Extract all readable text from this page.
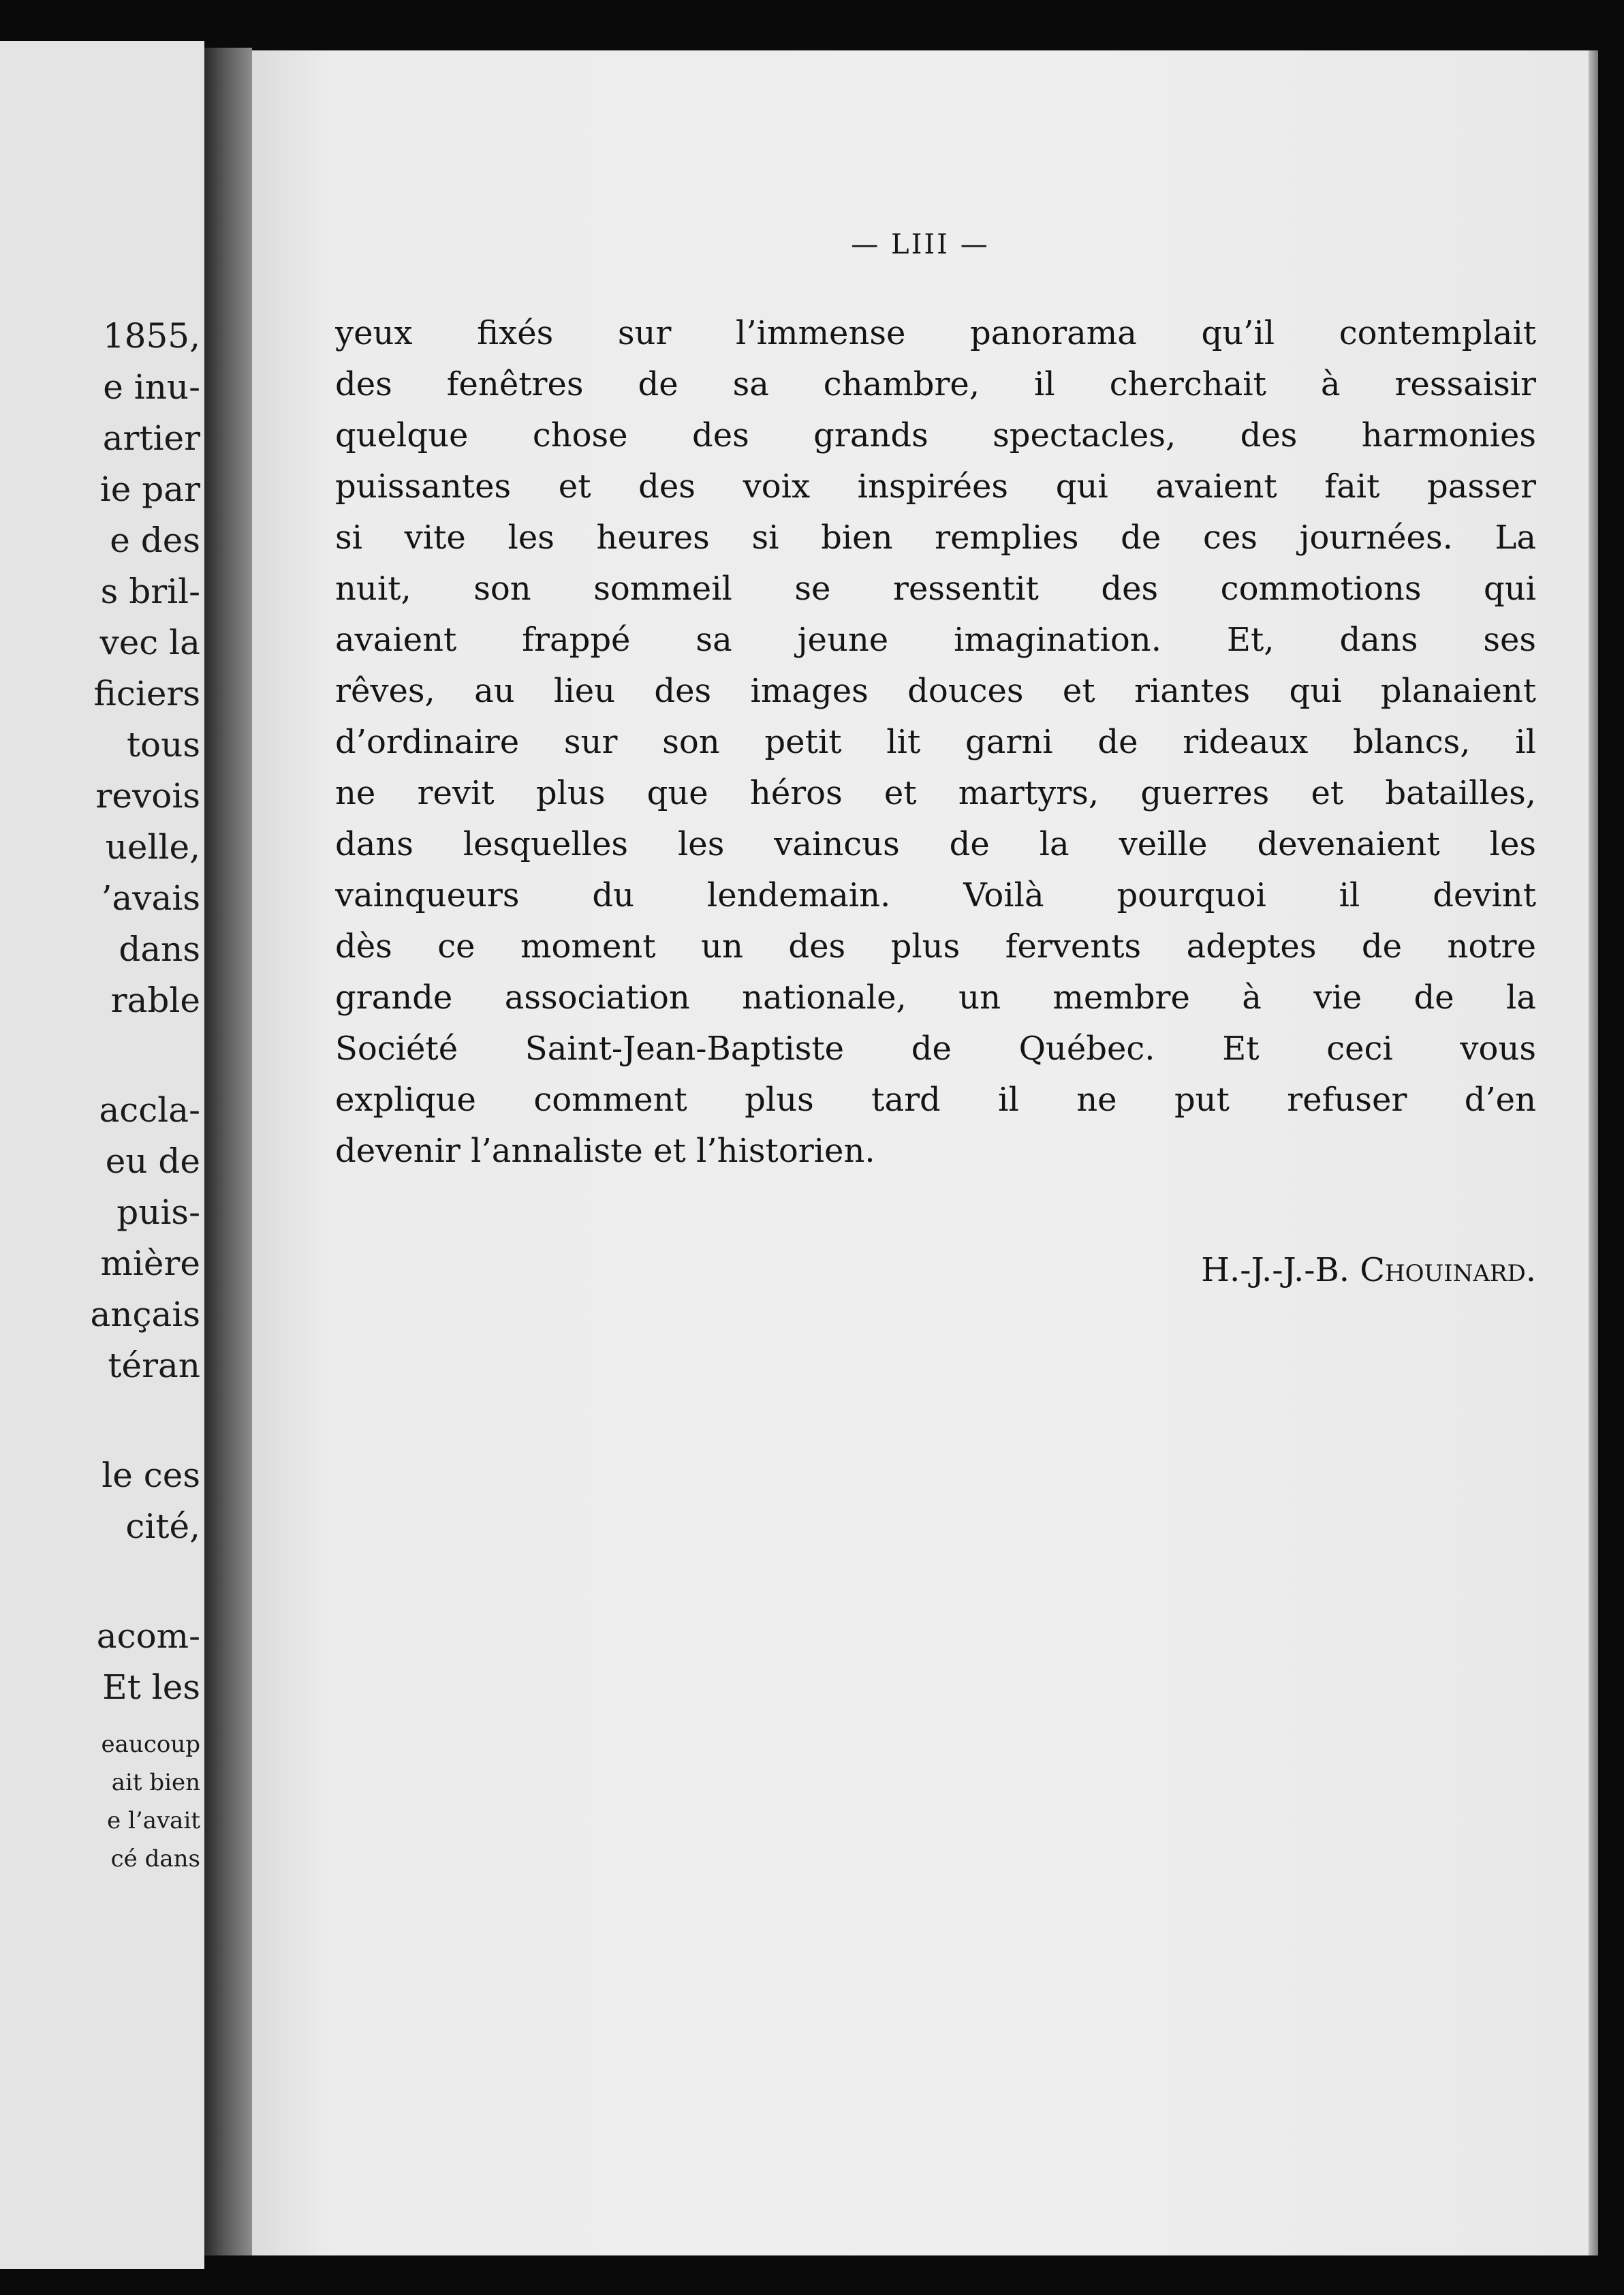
1855,
e inu-
artier
ie par
e des
s bril-
vec la
ficiers
tous
revois
uelle,
’avais
dans
rable
accla-
eu de
puis-
mière
ançais
téran
le ces
cité,
acom-
Et les
eaucoup
ait bien
e l’avait
cé dans
— LIII —
yeux fixés sur l’immense panorama qu’il contemplait
des fenêtres de sa chambre, il cherchait à ressaisir
quelque chose des grands spectacles, des harmonies
puissantes et des voix inspirées qui avaient fait passer
si vite les heures si bien remplies de ces journées. La
nuit, son sommeil se ressentit des commotions qui
avaient frappé sa jeune imagination. Et, dans ses
rêves, au lieu des images douces et riantes qui planaient
d’ordinaire sur son petit lit garni de rideaux blancs, il
ne revit plus que héros et martyrs, guerres et batailles,
dans lesquelles les vaincus de la veille devenaient les
vainqueurs du lendemain. Voilà pourquoi il devint
dès ce moment un des plus fervents adeptes de notre
grande association nationale, un membre à vie de la
Société Saint-Jean-Baptiste de Québec. Et ceci vous
explique comment plus tard il ne put refuser d’en
devenir l’annaliste et l’historien.
H.-J.-J.-B. Chouinard.
